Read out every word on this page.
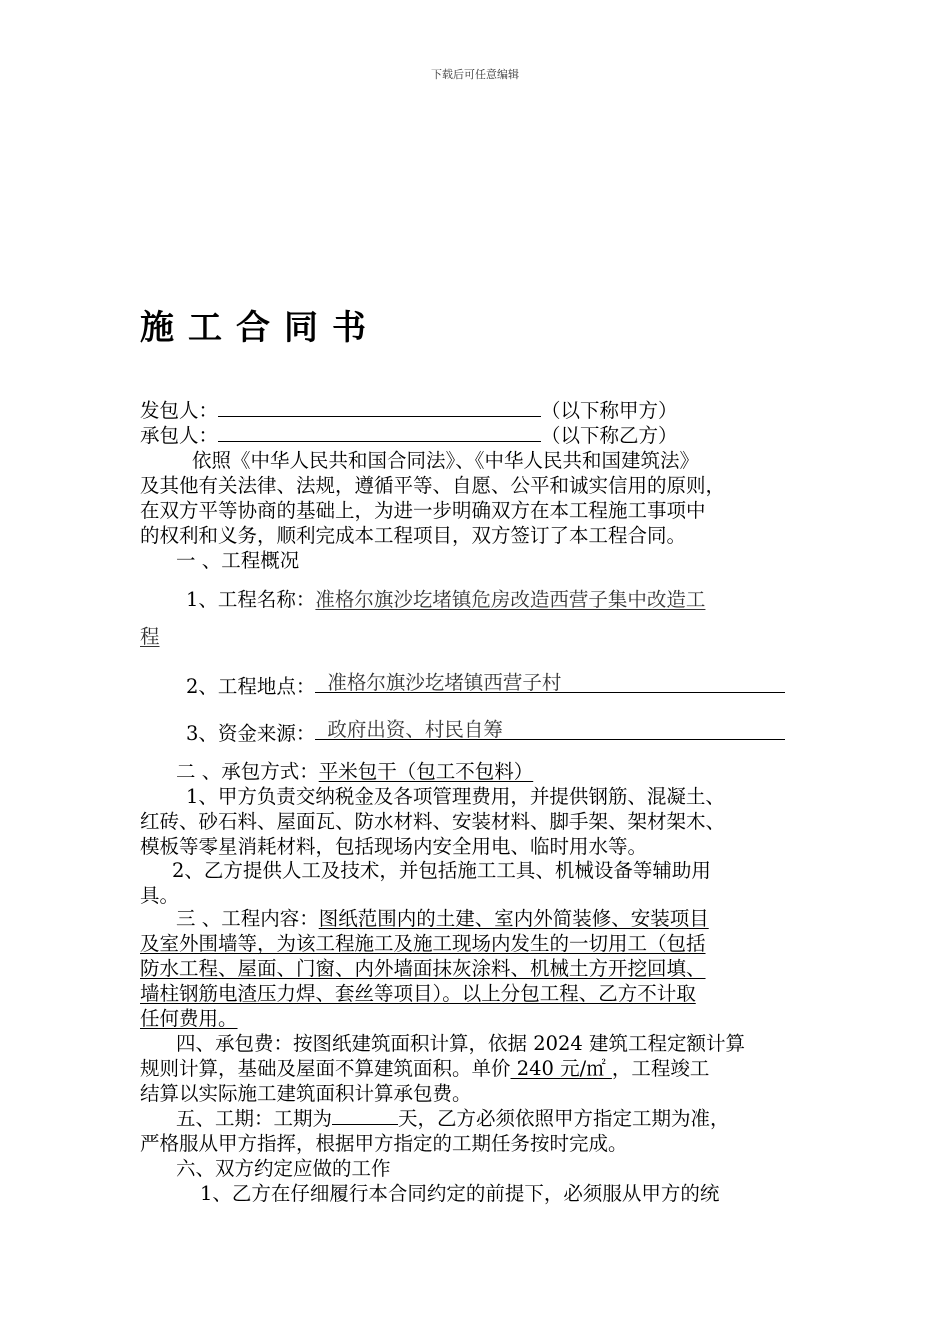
下载后可任意编辑
施工合同书
发包人：	（以下称甲方）
承包人：	（以下称乙方）
依照《中华人民共和国合同法》、《中华人民共和国建筑法》
及其他有关法律、法规，遵循平等、自愿、公平和诚实信用的原则，
在双方平等协商的基础上，为进一步明确双方在本工程施工事项中
的权利和义务，顺利完成本工程项目，双方签订了本工程合同。
一 、工程概况
1、工程名称：准格尔旗沙圪堵镇危房改造西营子集中改造工
程
2、工程地点： 准格尔旗沙圪堵镇西营子村
3、资金来源： 政府出资、村民自筹
二 、承包方式：平米包干（包工不包料）
1、甲方负责交纳税金及各项管理费用，并提供钢筋、混凝土、
红砖、砂石料、屋面瓦、防水材料、安装材料、脚手架、架材架木、
模板等零星消耗材料，包括现场内安全用电、临时用水等。
2、乙方提供人工及技术，并包括施工工具、机械设备等辅助用
具。
三 、工程内容：图纸范围内的土建、室内外简装修、安装项目
及室外围墙等，为该工程施工及施工现场内发生的一切用工（包括
防水工程、屋面、门窗、内外墙面抹灰涂料、机械土方开挖回填、
墙柱钢筋电渣压力焊、套丝等项目）。以上分包工程、乙方不计取
任何费用。
四、承包费：按图纸建筑面积计算，依据 2024 建筑工程定额计算
规则计算，基础及屋面不算建筑面积。单价 240 元/㎡ ，工程竣工
结算以实际施工建筑面积计算承包费。
五、工期：工期为	天，乙方必须依照甲方指定工期为准，
严格服从甲方指挥，根据甲方指定的工期任务按时完成。
六、双方约定应做的工作
1、乙方在仔细履行本合同约定的前提下，必须服从甲方的统
